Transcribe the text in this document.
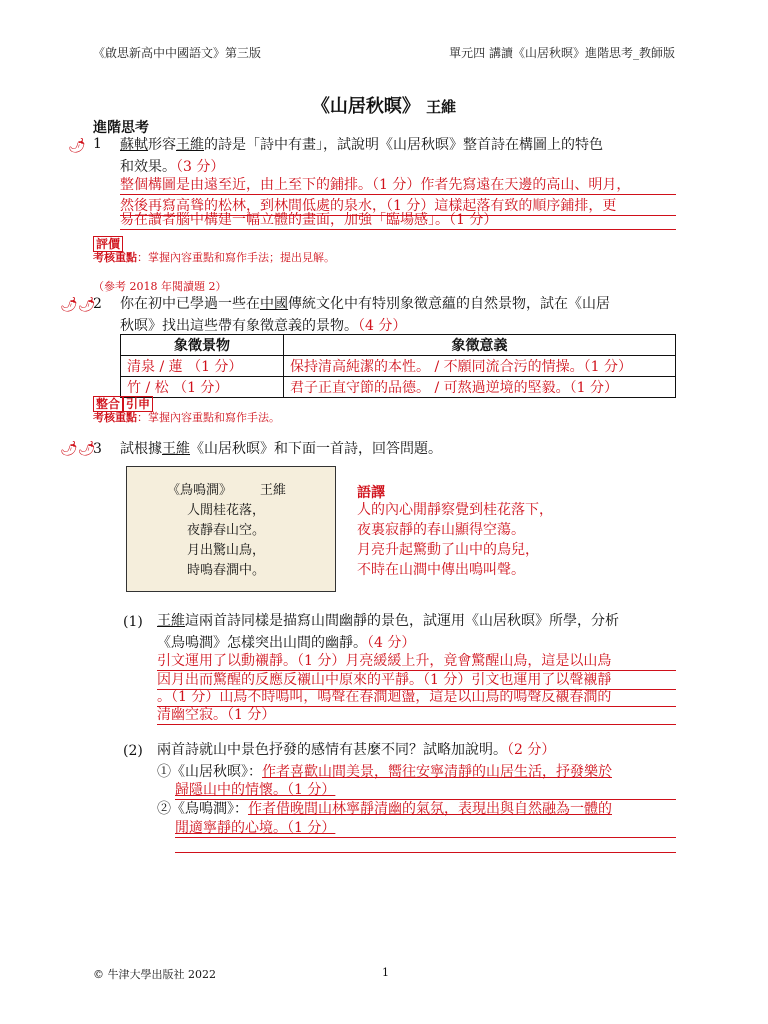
《啟思新高中中國語文》第三版	單元四 講讀《山居秋暝》進階思考_教師版
《山居秋暝》 王維
進階思考
🌶 1 蘇軾形容王維的詩是「詩中有畫」，試說明《山居秋暝》整首詩在構圖上的特色
和效果。（3 分）
整個構圖是由遠至近，由上至下的鋪排。（1 分）作者先寫遠在天邊的高山、明月，
然後再寫高聳的松林，到林間低處的泉水，（1 分）這樣起落有致的順序鋪排，更
易在讀者腦中構建一幅立體的畫面，加強「臨場感」。（1 分）
評價
考核重點：掌握內容重點和寫作手法；提出見解。
（參考 2018 年閱讀題 2）
🌶🌶
2 你在初中已學過一些在中國傳統文化中有特別象徵意蘊的自然景物，試在《山居
秋暝》找出這些帶有象徵意義的景物。（4 分）
象徵景物	象徵意義
清泉 / 蓮 （1 分）	保持清高純潔的本性。 / 不願同流合污的情操。（1 分）
竹 / 松 （1 分）	君子正直守節的品德。 / 可熬過逆境的堅毅。（1 分）
整合 引申
考核重點：掌握內容重點和寫作手法。
🌶🌶
3 試根據王維《山居秋暝》和下面一首詩，回答問題。
《鳥鳴澗》 王維
人閒桂花落，
夜靜春山空。
月出驚山鳥，
時鳴春澗中。
語譯
人的內心閒靜察覺到桂花落下，
夜裏寂靜的春山顯得空蕩。
月亮升起驚動了山中的鳥兒，
不時在山澗中傳出鳴叫聲。
(1) 王維這兩首詩同樣是描寫山間幽靜的景色，試運用《山居秋暝》所學，分析
《鳥鳴澗》怎樣突出山間的幽靜。（4 分）
引文運用了以動襯靜。（1 分）月亮緩緩上升，竟會驚醒山鳥，這是以山鳥
因月出而驚醒的反應反襯山中原來的平靜。（1 分）引文也運用了以聲襯靜
。（1 分）山鳥不時鳴叫，鳴聲在春澗迴盪，這是以山鳥的鳴聲反襯春澗的
清幽空寂。（1 分）
(2) 兩首詩就山中景色抒發的感情有甚麼不同？試略加說明。（2 分）
①《山居秋暝》：作者喜歡山間美景，嚮往安寧清靜的山居生活，抒發樂於
歸隱山中的情懷。（1 分）
②《鳥鳴澗》：作者借晚間山林寧靜清幽的氣氛，表現出與自然融為一體的
閒適寧靜的心境。（1 分）
© 牛津大學出版社 2022	1
